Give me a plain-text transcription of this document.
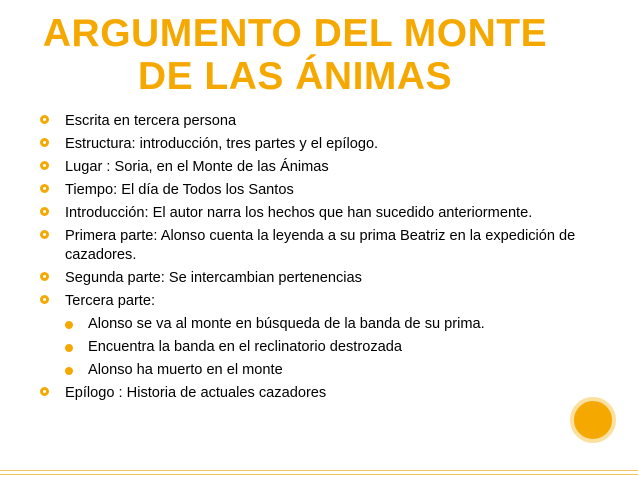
ARGUMENTO DEL MONTE
DE LAS ÁNIMAS
Escrita en tercera persona
Estructura: introducción, tres partes y el epílogo.
Lugar : Soria, en el Monte de las Ánimas
Tiempo: El día de Todos los Santos
Introducción: El autor narra los hechos que han sucedido anteriormente.
Primera parte: Alonso cuenta la leyenda a su prima Beatriz en la expedición de cazadores.
Segunda parte: Se intercambian pertenencias
Tercera parte:
Alonso se va al monte en búsqueda de la banda de su prima.
Encuentra la banda en el reclinatorio destrozada
Alonso ha muerto en el monte
Epílogo : Historia de actuales cazadores
